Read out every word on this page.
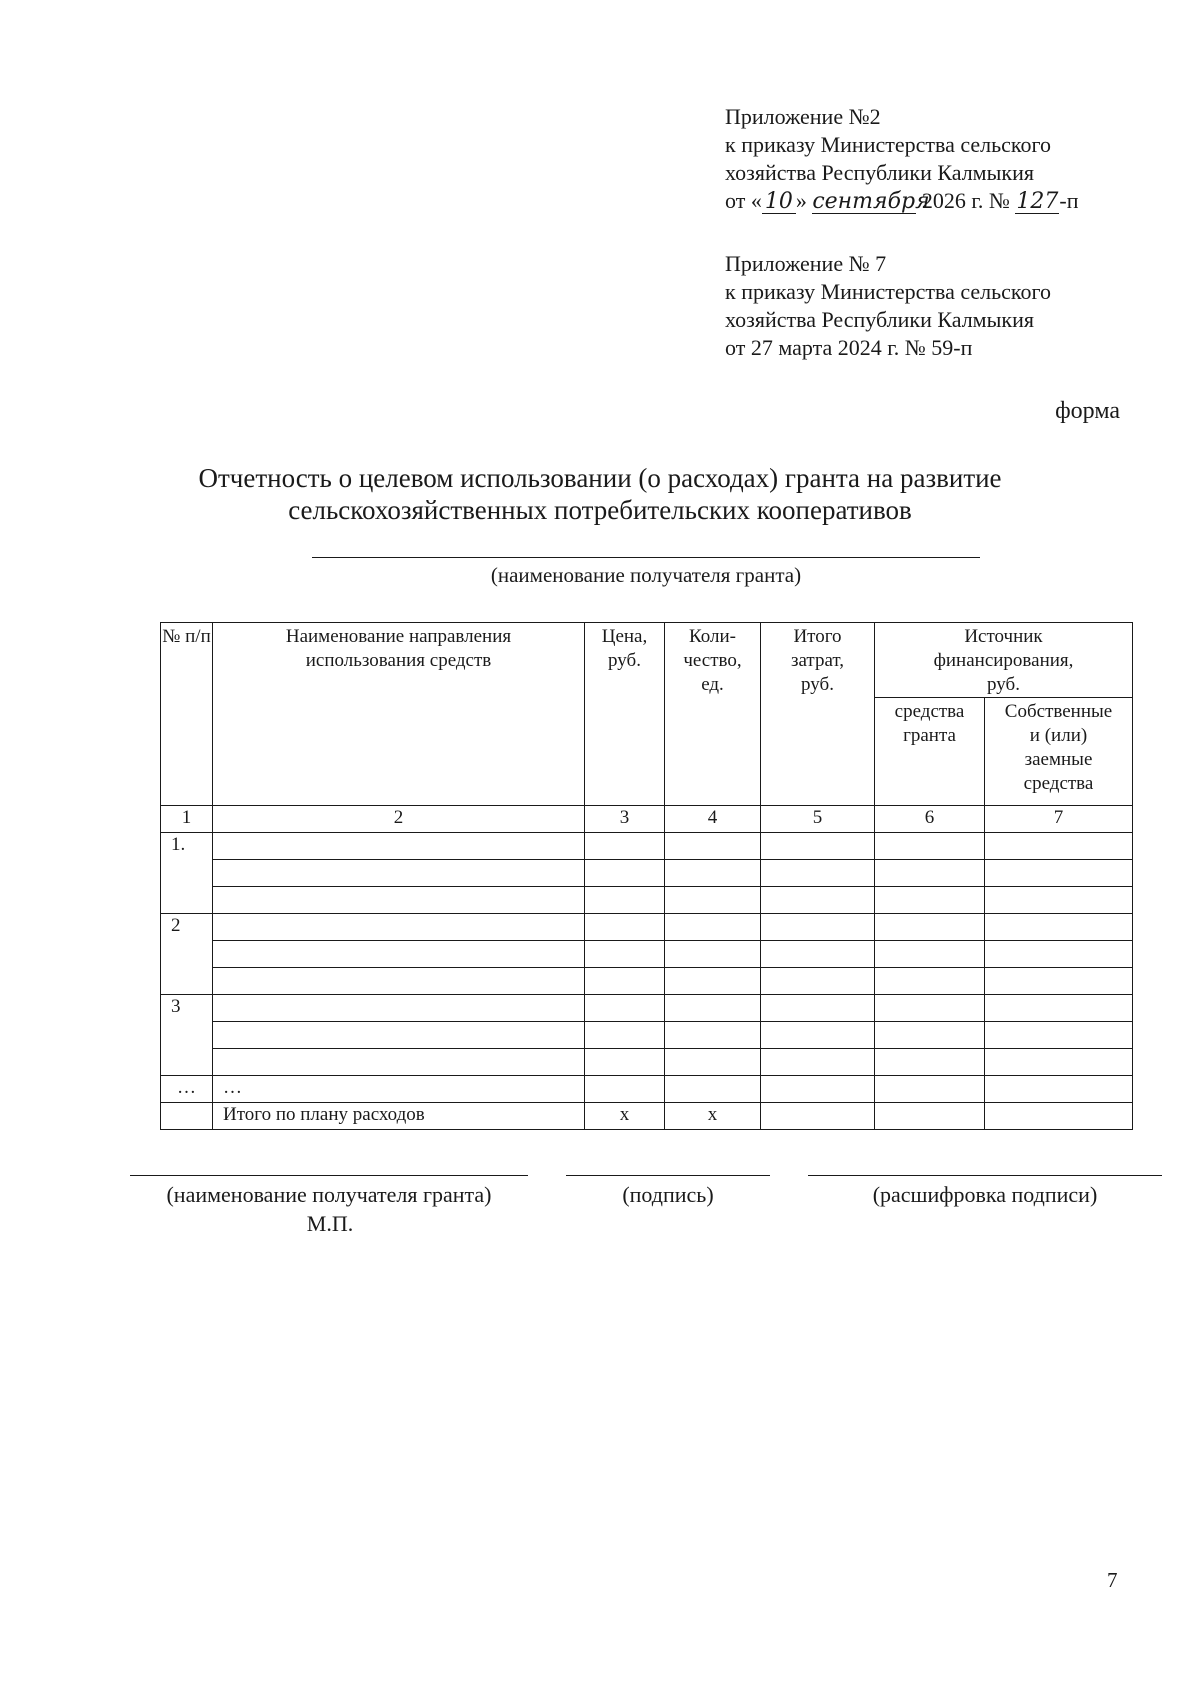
Приложение №2
к приказу Министерства сельского
хозяйства Республики Калмыкия
от « 10 » сентября 2026 г. № 127-п
Приложение № 7
к приказу Министерства сельского
хозяйства Республики Калмыкия
от 27 марта 2024 г. № 59-п
форма
Отчетность о целевом использовании (о расходах) гранта на развитие
сельскохозяйственных потребительских кооперативов
(наименование получателя гранта)
№ п/п	Наименование направления использования средств	Цена, руб.	Коли- чество, ед.	Итого затрат, руб.	Источник финансирования, руб.	
					средства гранта	Собственные и (или) заемные средства
1	2	3	4	5	6	7
1.						

2						

3						

…	…					
	Итого по плану расходов	х	х			
(наименование получателя гранта)	(подпись)	(расшифровка подписи)
М.П.
7
